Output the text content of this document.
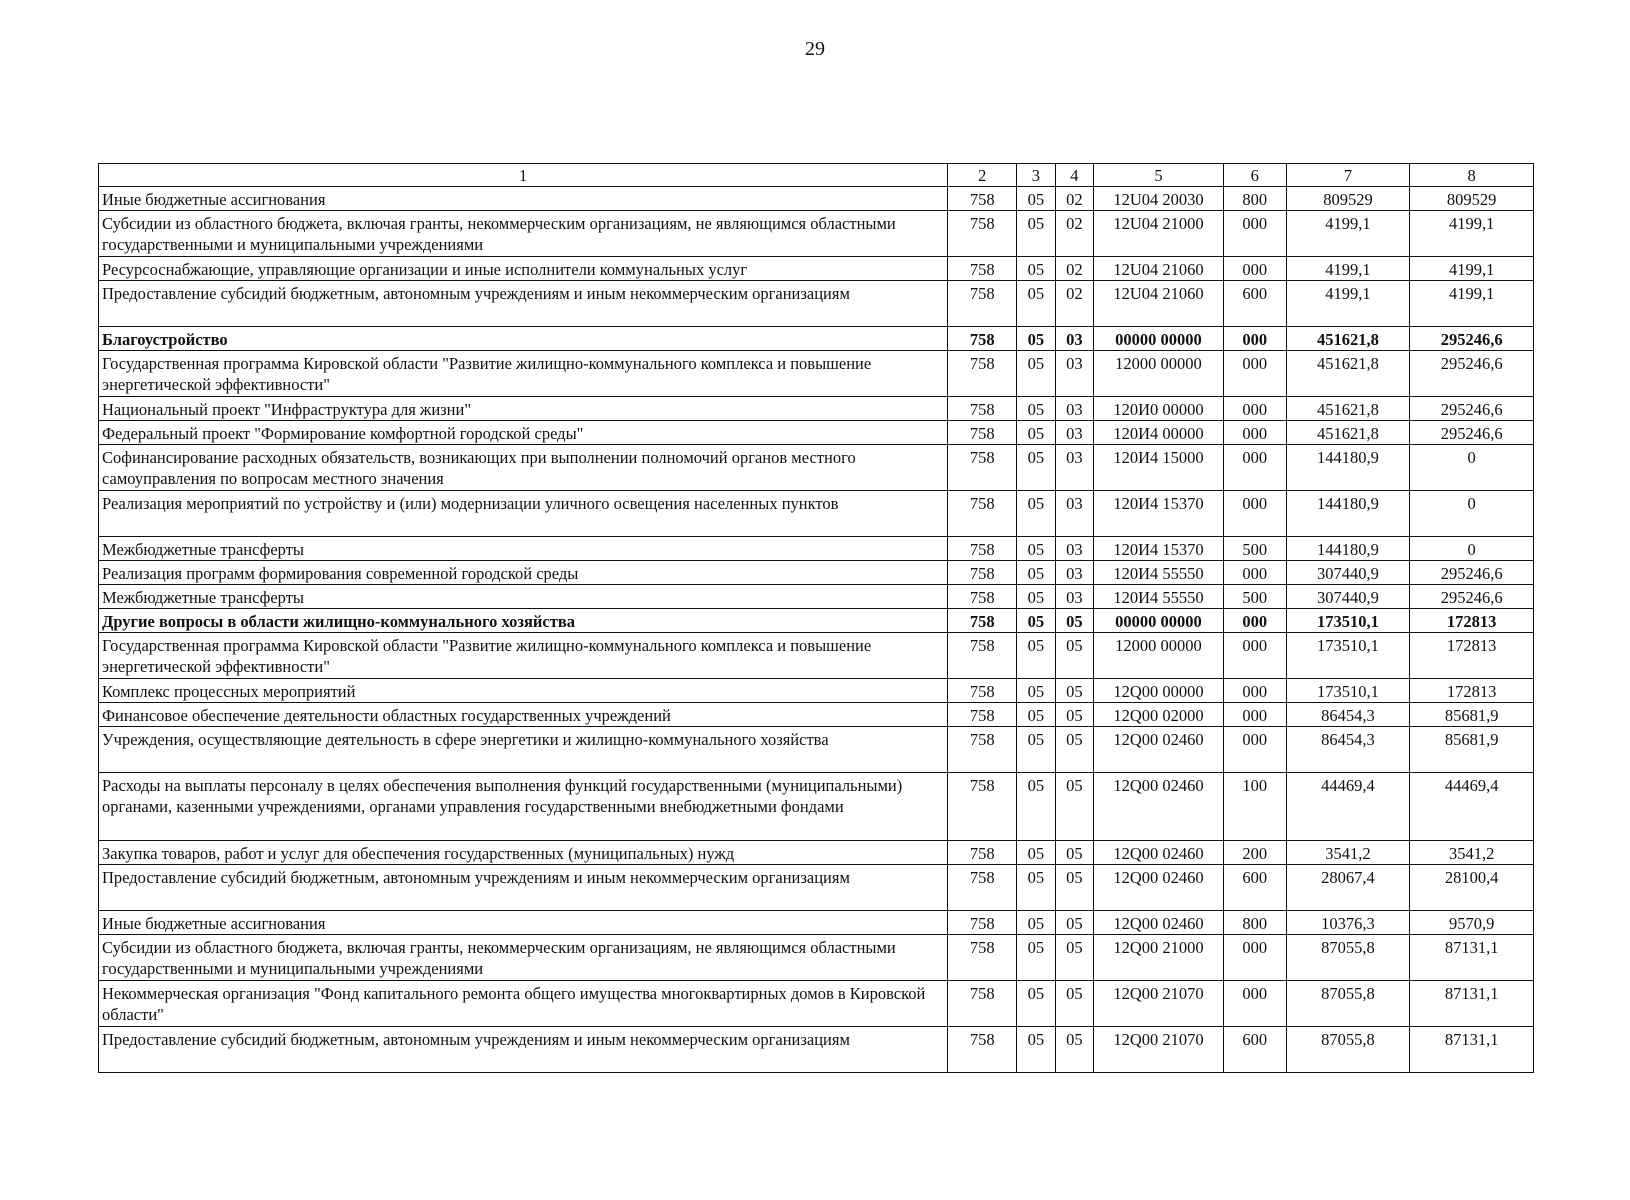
29
1	2	3	4	5	6	7	8
Иные бюджетные ассигнования	758	05	02	12U04 20030	800	809529	809529
Субсидии из областного бюджета, включая гранты, некоммерческим организациям, не являющимся областными государственными и муниципальными учреждениями	758	05	02	12U04 21000	000	4199,1	4199,1
Ресурсоснабжающие, управляющие организации и иные исполнители коммунальных услуг	758	05	02	12U04 21060	000	4199,1	4199,1
Предоставление субсидий бюджетным, автономным учреждениям и иным некоммерческим организациям	758	05	02	12U04 21060	600	4199,1	4199,1
Благоустройство	758	05	03	00000 00000	000	451621,8	295246,6
Государственная программа Кировской области "Развитие жилищно-коммунального комплекса и повышение энергетической эффективности"	758	05	03	12000 00000	000	451621,8	295246,6
Национальный проект "Инфраструктура для жизни"	758	05	03	120И0 00000	000	451621,8	295246,6
Федеральный проект "Формирование комфортной городской среды"	758	05	03	120И4 00000	000	451621,8	295246,6
Софинансирование расходных обязательств, возникающих при выполнении полномочий органов местного самоуправления по вопросам местного значения	758	05	03	120И4 15000	000	144180,9	0
Реализация мероприятий по устройству и (или) модернизации уличного освещения населенных пунктов	758	05	03	120И4 15370	000	144180,9	0
Межбюджетные трансферты	758	05	03	120И4 15370	500	144180,9	0
Реализация программ формирования современной городской среды	758	05	03	120И4 55550	000	307440,9	295246,6
Межбюджетные трансферты	758	05	03	120И4 55550	500	307440,9	295246,6
Другие вопросы в области жилищно-коммунального хозяйства	758	05	05	00000 00000	000	173510,1	172813
Государственная программа Кировской области "Развитие жилищно-коммунального комплекса и повышение энергетической эффективности"	758	05	05	12000 00000	000	173510,1	172813
Комплекс процессных мероприятий	758	05	05	12Q00 00000	000	173510,1	172813
Финансовое обеспечение деятельности областных государственных учреждений	758	05	05	12Q00 02000	000	86454,3	85681,9
Учреждения, осуществляющие деятельность в сфере энергетики и жилищно-коммунального хозяйства	758	05	05	12Q00 02460	000	86454,3	85681,9
Расходы на выплаты персоналу в целях обеспечения выполнения функций государственными (муниципальными) органами, казенными учреждениями, органами управления государственными внебюджетными фондами	758	05	05	12Q00 02460	100	44469,4	44469,4
Закупка товаров, работ и услуг для обеспечения государственных (муниципальных) нужд	758	05	05	12Q00 02460	200	3541,2	3541,2
Предоставление субсидий бюджетным, автономным учреждениям и иным некоммерческим организациям	758	05	05	12Q00 02460	600	28067,4	28100,4
Иные бюджетные ассигнования	758	05	05	12Q00 02460	800	10376,3	9570,9
Субсидии из областного бюджета, включая гранты, некоммерческим организациям, не являющимся областными государственными и муниципальными учреждениями	758	05	05	12Q00 21000	000	87055,8	87131,1
Некоммерческая организация "Фонд капитального ремонта общего имущества многоквартирных домов в Кировской области"	758	05	05	12Q00 21070	000	87055,8	87131,1
Предоставление субсидий бюджетным, автономным учреждениям и иным некоммерческим организациям	758	05	05	12Q00 21070	600	87055,8	87131,1
